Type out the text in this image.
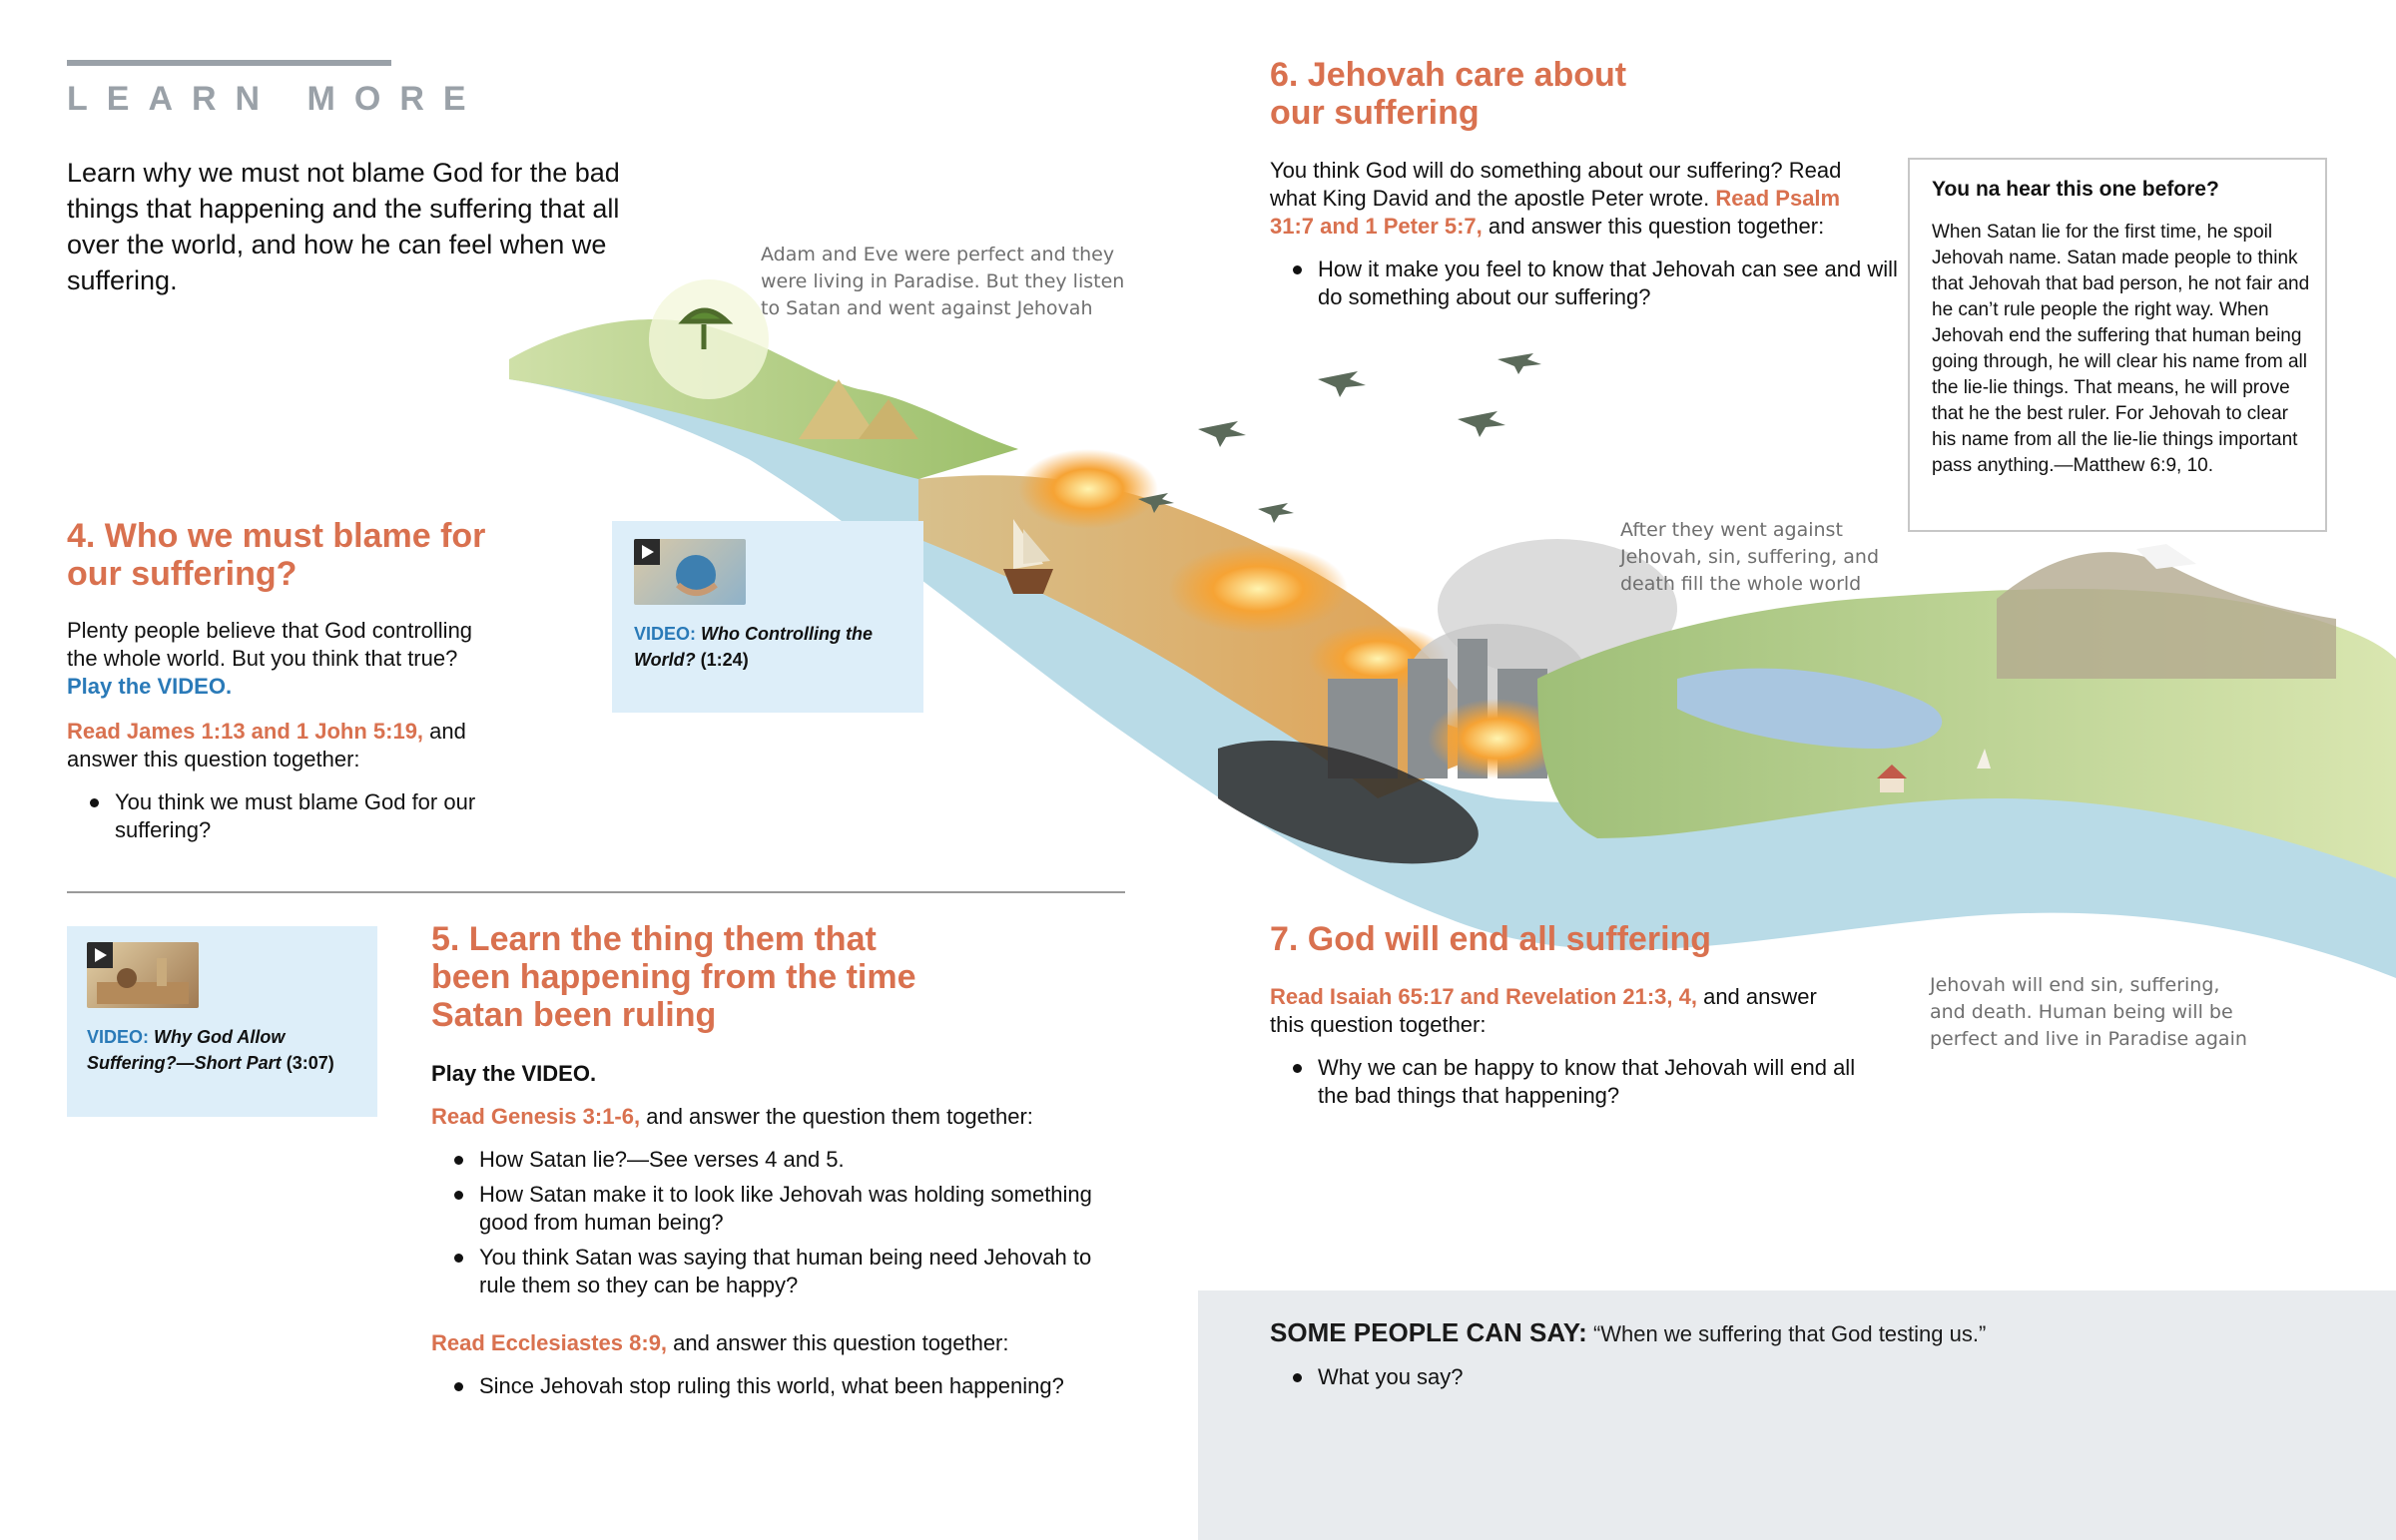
LEARN MORE
Learn why we must not blame God for the bad things that happening and the suffering that all over the world, and how he can feel when we suffering.
Adam and Eve were perfect and they were living in Paradise. But they listen to Satan and went against Jehovah
After they went against Jehovah, sin, suffering, and death fill the whole world
Jehovah will end sin, suffering, and death. Human being will be perfect and live in Paradise again
4. Who we must blame for our suffering?
Plenty people believe that God controlling the whole world. But you think that true?
Play the VIDEO.
Read James 1:13 and 1 John 5:19, and answer this question together:
You think we must blame God for our suffering?
VIDEO: Who Controlling the World? (1:24)
VIDEO: Why God Allow Suffering?—Short Part (3:07)
5. Learn the thing them that been happening from the time Satan been ruling
Play the VIDEO.
Read Genesis 3:1-6, and answer the question them together:
How Satan lie?—See verses 4 and 5.
How Satan make it to look like Jehovah was holding something good from human being?
You think Satan was saying that human being need Jehovah to rule them so they can be happy?
Read Ecclesiastes 8:9, and answer this question together:
Since Jehovah stop ruling this world, what been happening?
6. Jehovah care about our suffering
You think God will do something about our suffering? Read what King David and the apostle Peter wrote. Read Psalm 31:7 and 1 Peter 5:7, and answer this question together:
How it make you feel to know that Jehovah can see and will do something about our suffering?
You na hear this one before?
When Satan lie for the first time, he spoil Jehovah name. Satan made people to think that Jehovah that bad person, he not fair and he can’t rule people the right way. When Jehovah end the suffering that human being going through, he will clear his name from all the lie-lie things. That means, he will prove that he the best ruler. For Jehovah to clear his name from all the lie-lie things important pass anything.—Matthew 6:9, 10.
7. God will end all suffering
Read Isaiah 65:17 and Revelation 21:3, 4, and answer this question together:
Why we can be happy to know that Jehovah will end all the bad things that happening?
SOME PEOPLE CAN SAY: “When we suffering that God testing us.”
What you say?
